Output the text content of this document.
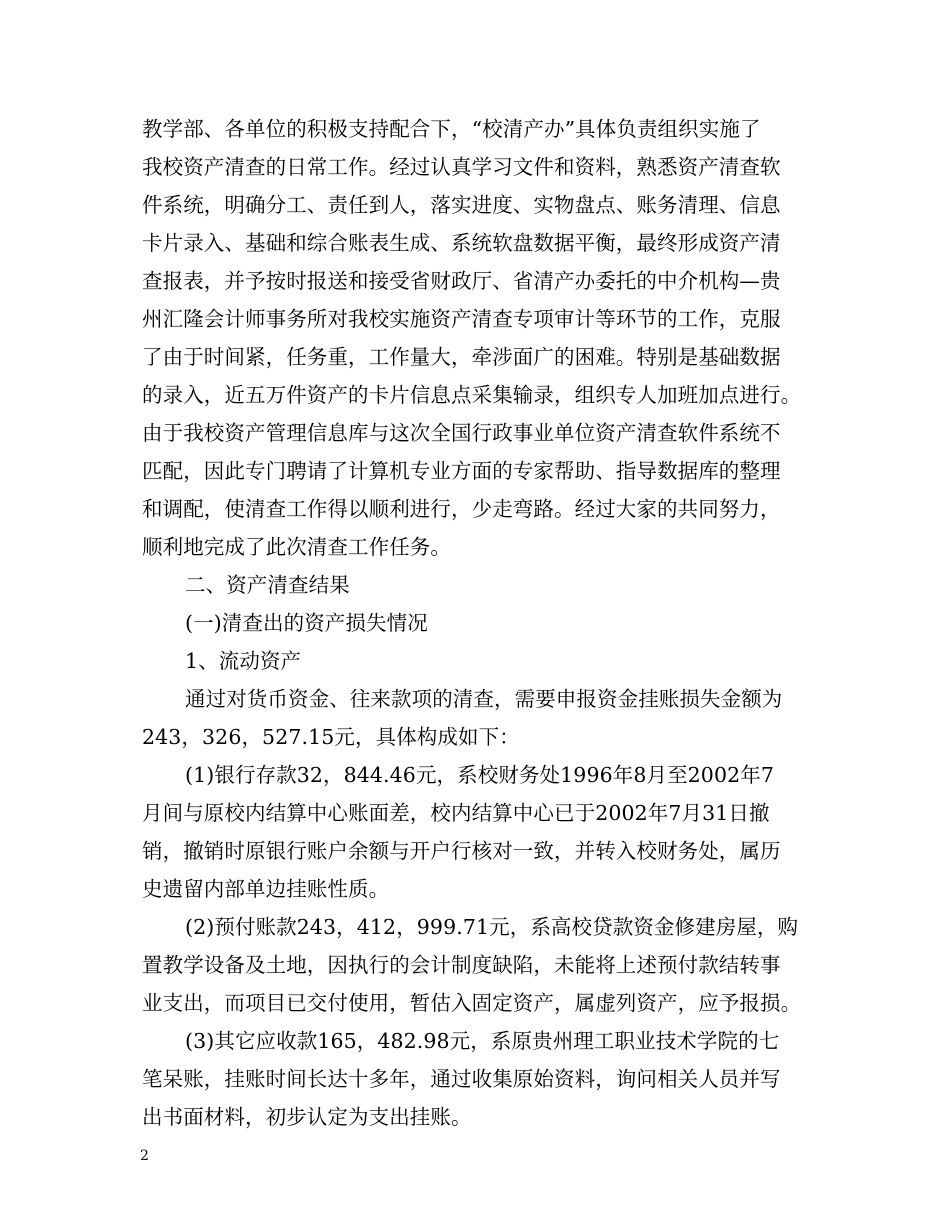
教学部、各单位的积极支持配合下，“校清产办”具体负责组织实施了
我校资产清查的日常工作。经过认真学习文件和资料，熟悉资产清查软
件系统，明确分工、责任到人，落实进度、实物盘点、账务清理、信息
卡片录入、基础和综合账表生成、系统软盘数据平衡，最终形成资产清
查报表，并予按时报送和接受省财政厅、省清产办委托的中介机构—贵
州汇隆会计师事务所对我校实施资产清查专项审计等环节的工作，克服
了由于时间紧，任务重，工作量大，牵涉面广的困难。特别是基础数据
的录入，近五万件资产的卡片信息点采集输录，组织专人加班加点进行。
由于我校资产管理信息库与这次全国行政事业单位资产清查软件系统不
匹配，因此专门聘请了计算机专业方面的专家帮助、指导数据库的整理
和调配，使清查工作得以顺利进行，少走弯路。经过大家的共同努力，
顺利地完成了此次清查工作任务。
二、资产清查结果
(一)清查出的资产损失情况
1、流动资产
通过对货币资金、往来款项的清查，需要申报资金挂账损失金额为
243，326，527.15元，具体构成如下：
(1)银行存款32，844.46元，系校财务处1996年8月至2002年7
月间与原校内结算中心账面差，校内结算中心已于2002年7月31日撤
销，撤销时原银行账户余额与开户行核对一致，并转入校财务处，属历
史遗留内部单边挂账性质。
(2)预付账款243，412，999.71元，系高校贷款资金修建房屋，购
置教学设备及土地，因执行的会计制度缺陷，未能将上述预付款结转事
业支出，而项目已交付使用，暂估入固定资产，属虚列资产，应予报损。
(3)其它应收款165，482.98元，系原贵州理工职业技术学院的七
笔呆账，挂账时间长达十多年，通过收集原始资料，询问相关人员并写
出书面材料，初步认定为支出挂账。
2
